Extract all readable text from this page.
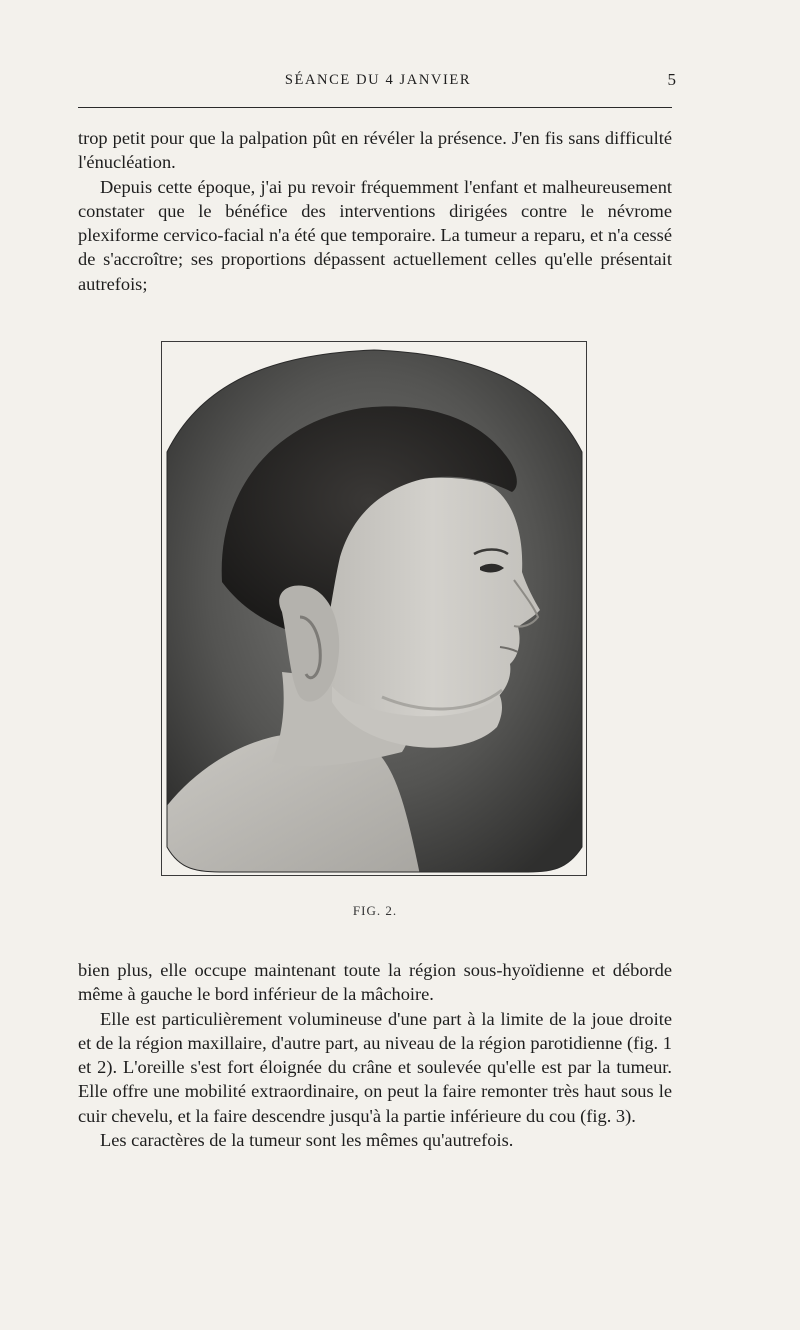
SÉANCE DU 4 JANVIER	5

trop petit pour que la palpation pût en révéler la présence. J'en fis sans difficulté l'énucléation.

Depuis cette époque, j'ai pu revoir fréquemment l'enfant et malheureusement constater que le bénéfice des interventions dirigées contre le névrome plexiforme cervico-facial n'a été que temporaire. La tumeur a reparu, et n'a cessé de s'accroître; ses proportions dépassent actuellement celles qu'elle présentait autrefois;

FIG. 2.

bien plus, elle occupe maintenant toute la région sous-hyoïdienne et déborde même à gauche le bord inférieur de la mâchoire.

Elle est particulièrement volumineuse d'une part à la limite de la joue droite et de la région maxillaire, d'autre part, au niveau de la région parotidienne (fig. 1 et 2). L'oreille s'est fort éloignée du crâne et soulevée qu'elle est par la tumeur. Elle offre une mobilité extraordinaire, on peut la faire remonter très haut sous le cuir chevelu, et la faire descendre jusqu'à la partie inférieure du cou (fig. 3).

Les caractères de la tumeur sont les mêmes qu'autrefois.
